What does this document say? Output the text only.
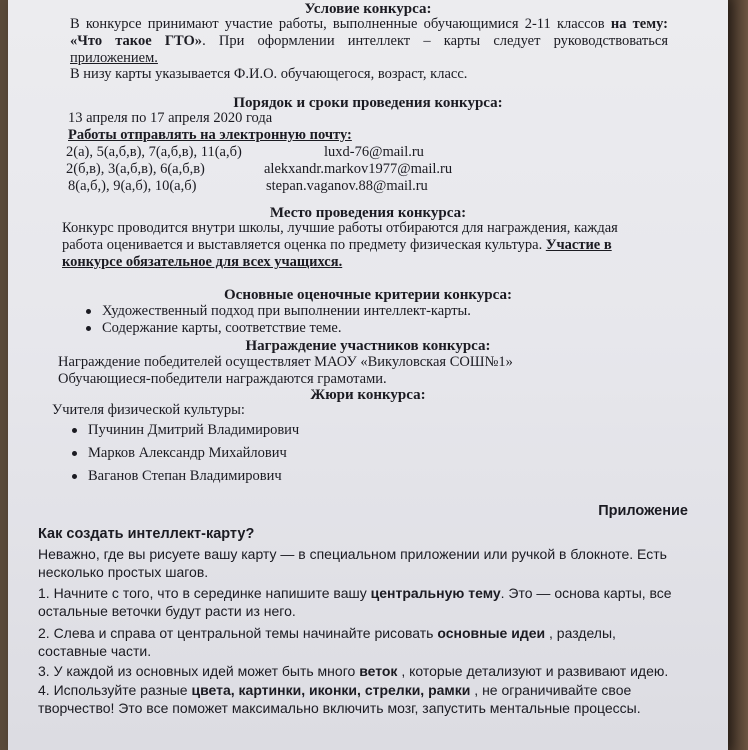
Условие конкурса:
В конкурсе принимают участие работы, выполненные обучающимися 2-11 классов на тему: «Что такое ГТО». При оформлении интеллект – карты следует руководствоваться приложением.
В низу карты указывается Ф.И.О. обучающегося, возраст, класс.
Порядок и сроки проведения конкурса:
13 апреля по 17 апреля 2020 года
Работы отправлять на электронную почту:
2(а), 5(а,б,в), 7(а,б,в), 11(а,б)	luxd-76@mail.ru
2(б,в), 3(а,б,в), 6(а,б,в)	alekxandr.markov1977@mail.ru
8(а,б,), 9(а,б), 10(а,б)	stepan.vaganov.88@mail.ru
Место проведения конкурса:
Конкурс проводится внутри школы, лучшие работы отбираются для награждения, каждая работа оценивается и выставляется оценка по предмету физическая культура. Участие в конкурсе обязательное для всех учащихся.
Основные оценочные критерии конкурса:
Художественный подход при выполнении интеллект-карты.
Содержание карты, соответствие теме.
Награждение участников конкурса:
Награждение победителей осуществляет МАОУ «Викуловская СОШ№1»
Обучающиеся-победители награждаются грамотами.
Жюри конкурса:
Учителя физической культуры:
Пучинин Дмитрий Владимирович
Марков Александр Михайлович
Ваганов Степан Владимирович
Приложение
Как создать интеллект-карту?
Неважно, где вы рисуете вашу карту — в специальном приложении или ручкой в блокноте. Есть несколько простых шагов.
1. Начните с того, что в серединке напишите вашу центральную тему. Это — основа карты, все остальные веточки будут расти из него.
2. Слева и справа от центральной темы начинайте рисовать основные идеи , разделы, составные части.
3. У каждой из основных идей может быть много веток , которые детализуют и развивают идею.
4. Используйте разные цвета, картинки, иконки, стрелки, рамки , не ограничивайте свое творчество! Это все поможет максимально включить мозг, запустить ментальные процессы.
